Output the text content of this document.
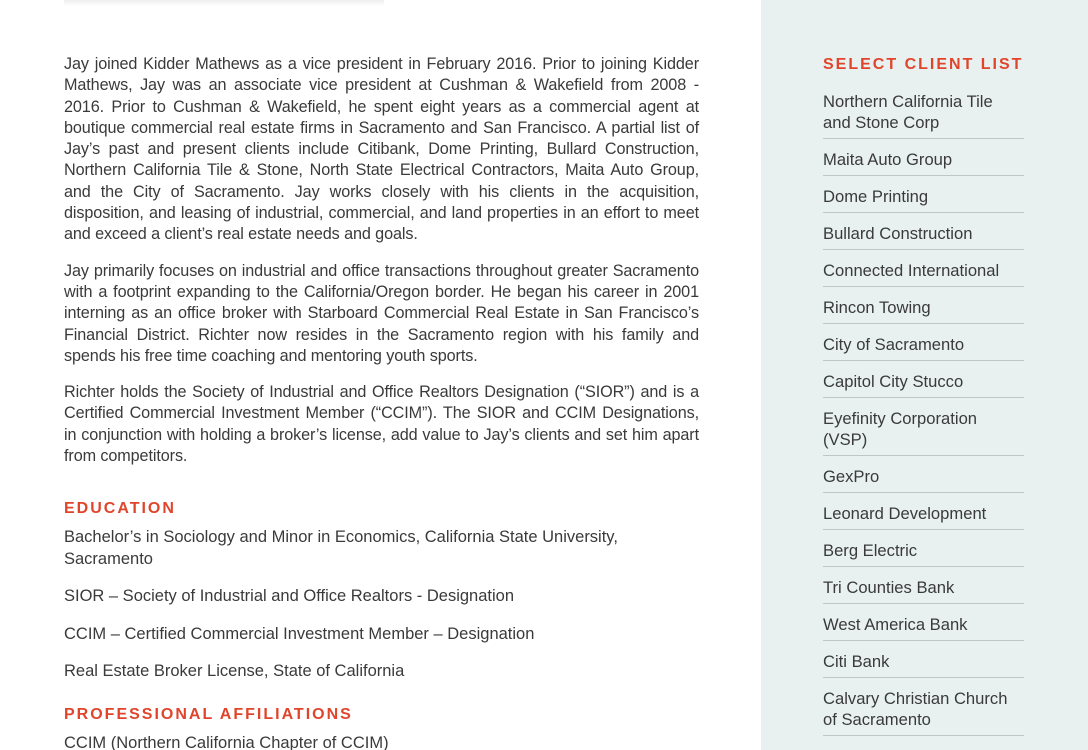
Jay joined Kidder Mathews as a vice president in February 2016. Prior to joining Kidder Mathews, Jay was an associate vice president at Cushman & Wakefield from 2008 - 2016. Prior to Cushman & Wakefield, he spent eight years as a commercial agent at boutique commercial real estate firms in Sacramento and San Francisco. A partial list of Jay’s past and present clients include Citibank, Dome Printing, Bullard Construction, Northern California Tile & Stone, North State Electrical Contractors, Maita Auto Group, and the City of Sacramento. Jay works closely with his clients in the acquisition, disposition, and leasing of industrial, commercial, and land properties in an effort to meet and exceed a client’s real estate needs and goals.

Jay primarily focuses on industrial and office transactions throughout greater Sacramento with a footprint expanding to the California/Oregon border. He began his career in 2001 interning as an office broker with Starboard Commercial Real Estate in San Francisco’s Financial District. Richter now resides in the Sacramento region with his family and spends his free time coaching and mentoring youth sports.

Richter holds the Society of Industrial and Office Realtors Designation (“SIOR”) and is a Certified Commercial Investment Member (“CCIM”). The SIOR and CCIM Designations, in conjunction with holding a broker’s license, add value to Jay’s clients and set him apart from competitors.

EDUCATION
Bachelor’s in Sociology and Minor in Economics, California State University, Sacramento
SIOR – Society of Industrial and Office Realtors - Designation
CCIM – Certified Commercial Investment Member – Designation
Real Estate Broker License, State of California
PROFESSIONAL AFFILIATIONS
CCIM (Northern California Chapter of CCIM)
SELECT CLIENT LIST
Northern California Tile and Stone Corp
Maita Auto Group
Dome Printing
Bullard Construction
Connected International
Rincon Towing
City of Sacramento
Capitol City Stucco
Eyefinity Corporation (VSP)
GexPro
Leonard Development
Berg Electric
Tri Counties Bank
West America Bank
Citi Bank
Calvary Christian Church of Sacramento
